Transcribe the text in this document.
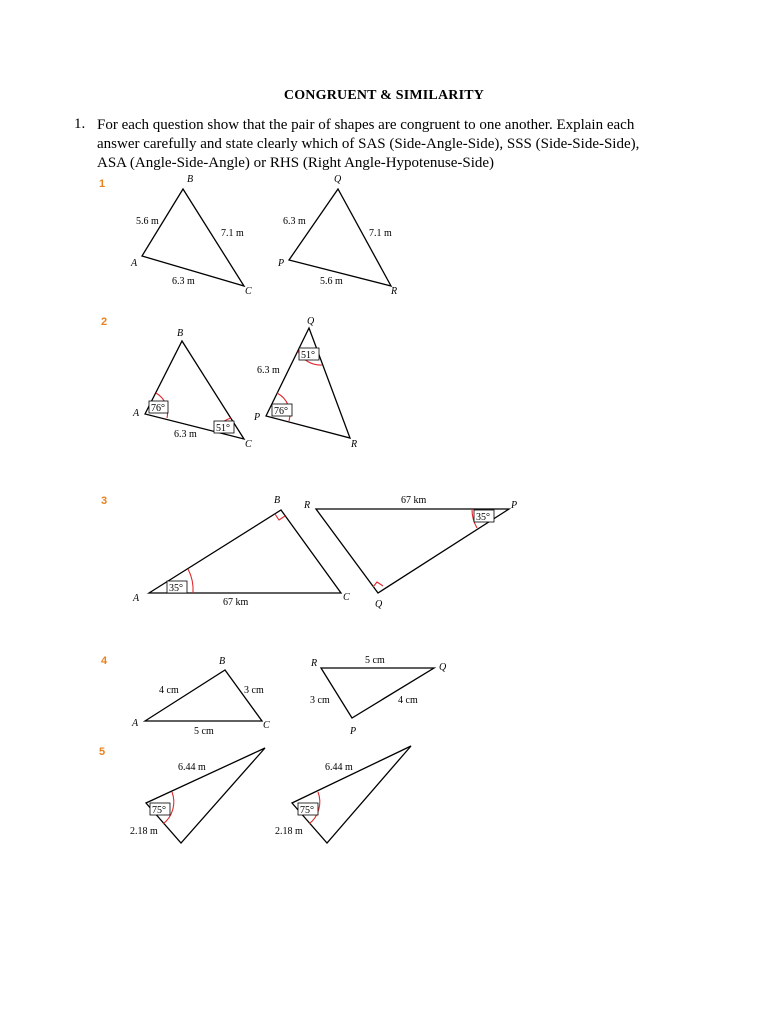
CONGRUENT & SIMILARITY
1. For each question show that the pair of shapes are congruent to one another. Explain each

answer carefully and state clearly which of SAS (Side-Angle-Side), SSS (Side-Side-Side),

ASA (Angle-Side-Angle) or RHS (Right Angle-Hypotenuse-Side)

1
A
B
C
5.6 m
7.1 m
6.3 m
P
Q
R
6.3 m
7.1 m
5.6 m
2
76°
51°
A
B
C
6.3 m
51°
76°
P
Q
R
6.3 m
3
35°
A
B
C
67 km
35°
R	P
Q
67 km
4
A
B
C
4 cm	3 cm
5 cm
R	Q
P
5 cm
3 cm	4 cm
5
75°
6.44 m
2.18 m
75°
6.44 m
2.18 m
